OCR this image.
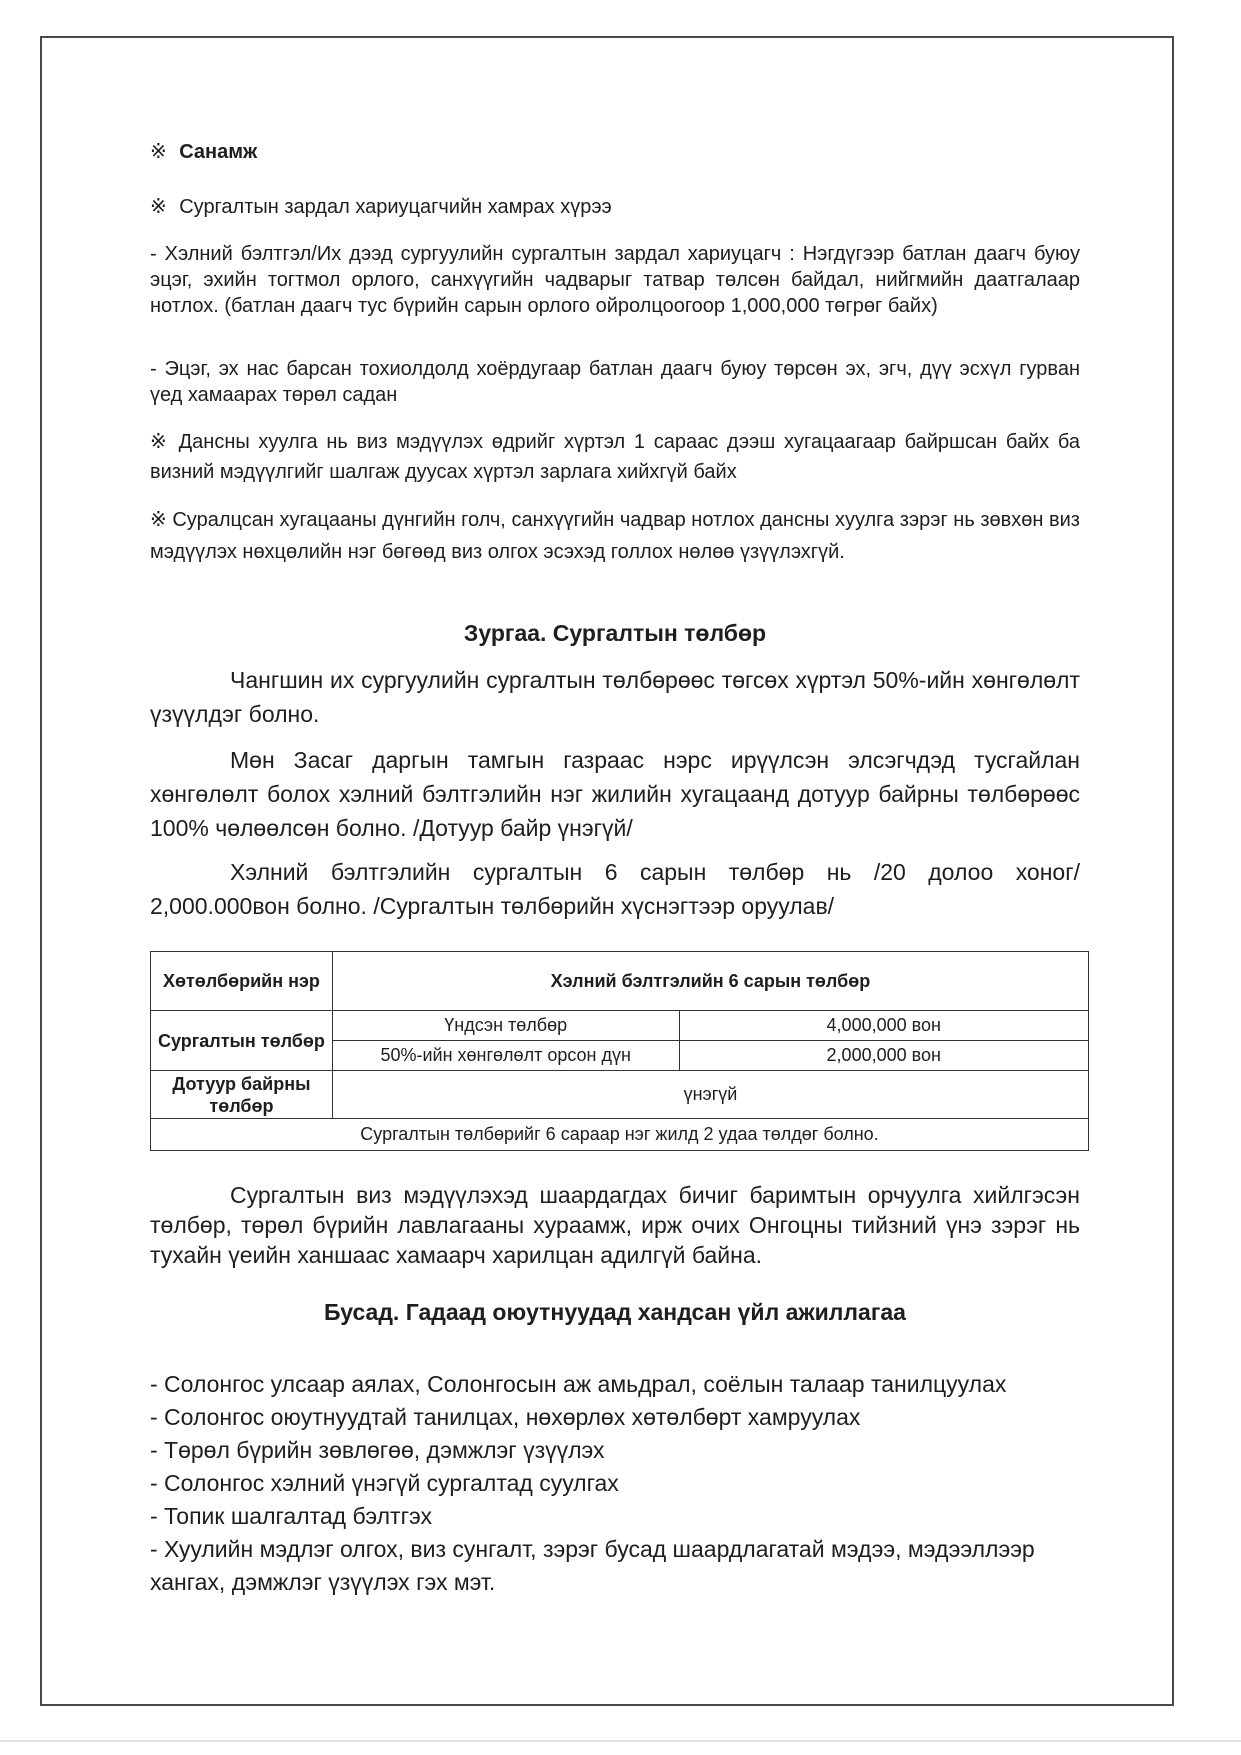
※ Санамж
※ Сургалтын зардал хариуцагчийн хамрах хүрээ

- Хэлний бэлтгэл/Их дээд сургуулийн сургалтын зардал хариуцагч : Нэгдүгээр батлан даагч буюу эцэг, эхийн тогтмол орлого, санхүүгийн чадварыг татвар төлсөн байдал, нийгмийн даатгалаар нотлох. (батлан даагч тус бүрийн сарын орлого ойролцоогоор 1,000,000 төгрөг байх)

- Эцэг, эх нас барсан тохиолдолд хоёрдугаар батлан даагч буюу төрсөн эх, эгч, дүү эсхүл гурван үед хамаарах төрөл садан

※ Дансны хуулга нь виз мэдүүлэх өдрийг хүртэл 1 сараас дээш хугацаагаар байршсан байх ба визний мэдүүлгийг шалгаж дуусах хүртэл зарлага хийхгүй байх

※ Суралцсан хугацааны дүнгийн голч, санхүүгийн чадвар нотлох дансны хуулга зэрэг нь зөвхөн виз мэдүүлэх нөхцөлийн нэг бөгөөд виз олгох эсэхэд голлох нөлөө үзүүлэхгүй.

Зургаа. Сургалтын төлбөр

Чангшин их сургуулийн сургалтын төлбөрөөс төгсөх хүртэл 50%-ийн хөнгөлөлт үзүүлдэг болно.

Мөн Засаг даргын тамгын газраас нэрс ирүүлсэн элсэгчдэд тусгайлан хөнгөлөлт болох хэлний бэлтгэлийн нэг жилийн хугацаанд дотуур байрны төлбөрөөс 100% чөлөөлсөн болно. /Дотуур байр үнэгүй/

Хэлний бэлтгэлийн сургалтын 6 сарын төлбөр нь /20 долоо хоног/ 2,000.000вон болно. /Сургалтын төлбөрийн хүснэгтээр оруулав/

Хөтөлбөрийн нэр	Хэлний бэлтгэлийн 6 сарын төлбөр	
Сургалтын төлбөр	Үндсэн төлбөр	4,000,000 вон
	50%-ийн хөнгөлөлт орсон дүн	2,000,000 вон
Дотуур байрны төлбөр	үнэгүй	
Сургалтын төлбөрийг 6 сараар нэг жилд 2 удаа төлдөг болно.		

Сургалтын виз мэдүүлэхэд шаардагдах бичиг баримтын орчуулга хийлгэсэн төлбөр, төрөл бүрийн лавлагааны хураамж, ирж очих Онгоцны тийзний үнэ зэрэг нь тухайн үеийн ханшаас хамаарч харилцан адилгүй байна.

Бусад. Гадаад оюутнуудад хандсан үйл ажиллагаа
- Солонгос улсаар аялах, Солонгосын аж амьдрал, соёлын талаар танилцуулах
- Солонгос оюутнуудтай танилцах, нөхөрлөх хөтөлбөрт хамруулах
- Төрөл бүрийн зөвлөгөө, дэмжлэг үзүүлэх
- Солонгос хэлний үнэгүй сургалтад суулгах
- Топик шалгалтад бэлтгэх
- Хуулийн мэдлэг олгох, виз сунгалт, зэрэг бусад шаардлагатай мэдээ, мэдээллээр хангах, дэмжлэг үзүүлэх гэх мэт.
